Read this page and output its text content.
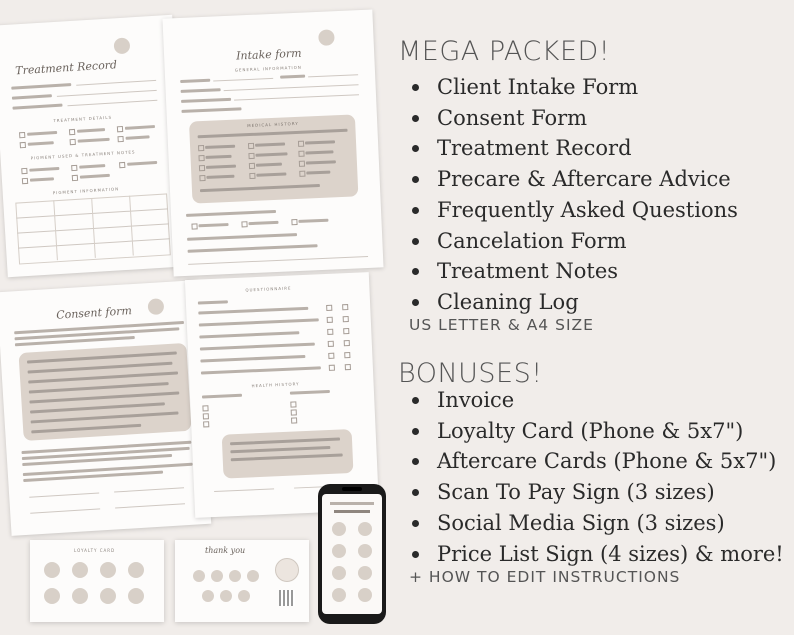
Treatment Record
TREATMENT DETAILS
PIGMENT USED & TREATMENT NOTES
PIGMENT INFORMATION
Intake form
GENERAL INFORMATION
MEDICAL HISTORY
Consent form
QUESTIONNAIRE
HEALTH HISTORY
LOYALTY CARD	thank you
MEGA PACKED!
Client Intake Form
Consent Form
Treatment Record
Precare & Aftercare Advice
Frequently Asked Questions
Cancelation Form
Treatment Notes
Cleaning Log
US LETTER & A4 SIZE
BONUSES!
Invoice
Loyalty Card (Phone & 5x7")
Aftercare Cards (Phone & 5x7")
Scan To Pay Sign (3 sizes)
Social Media Sign (3 sizes)
Price List Sign (4 sizes) & more!
+ HOW TO EDIT INSTRUCTIONS
